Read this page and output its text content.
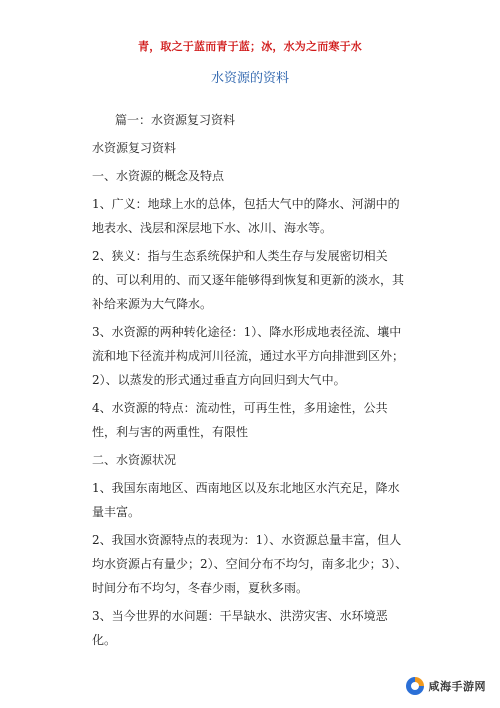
青，取之于蓝而青于蓝；冰，水为之而寒于水
水资源的资料

篇一：水资源复习资料

水资源复习资料

一、水资源的概念及特点

1、广义：地球上水的总体，包括大气中的降水、河湖中的地表水、浅层和深层地下水、冰川、海水等。

2、狭义：指与生态系统保护和人类生存与发展密切相关的、可以利用的、而又逐年能够得到恢复和更新的淡水，其补给来源为大气降水。

3、水资源的两种转化途径：1）、降水形成地表径流、壤中流和地下径流并构成河川径流，通过水平方向排泄到区外；2）、以蒸发的形式通过垂直方向回归到大气中。

4、水资源的特点：流动性，可再生性，多用途性，公共性，利与害的两重性，有限性

二、水资源状况

1、我国东南地区、西南地区以及东北地区水汽充足，降水量丰富。

2、我国水资源特点的表现为：1）、水资源总量丰富，但人均水资源占有量少；2）、空间分布不均匀，南多北少；3）、时间分布不均匀，冬春少雨，夏秋多雨。

3、当今世界的水问题：干旱缺水、洪涝灾害、水环境恶化。

咸海手游网
